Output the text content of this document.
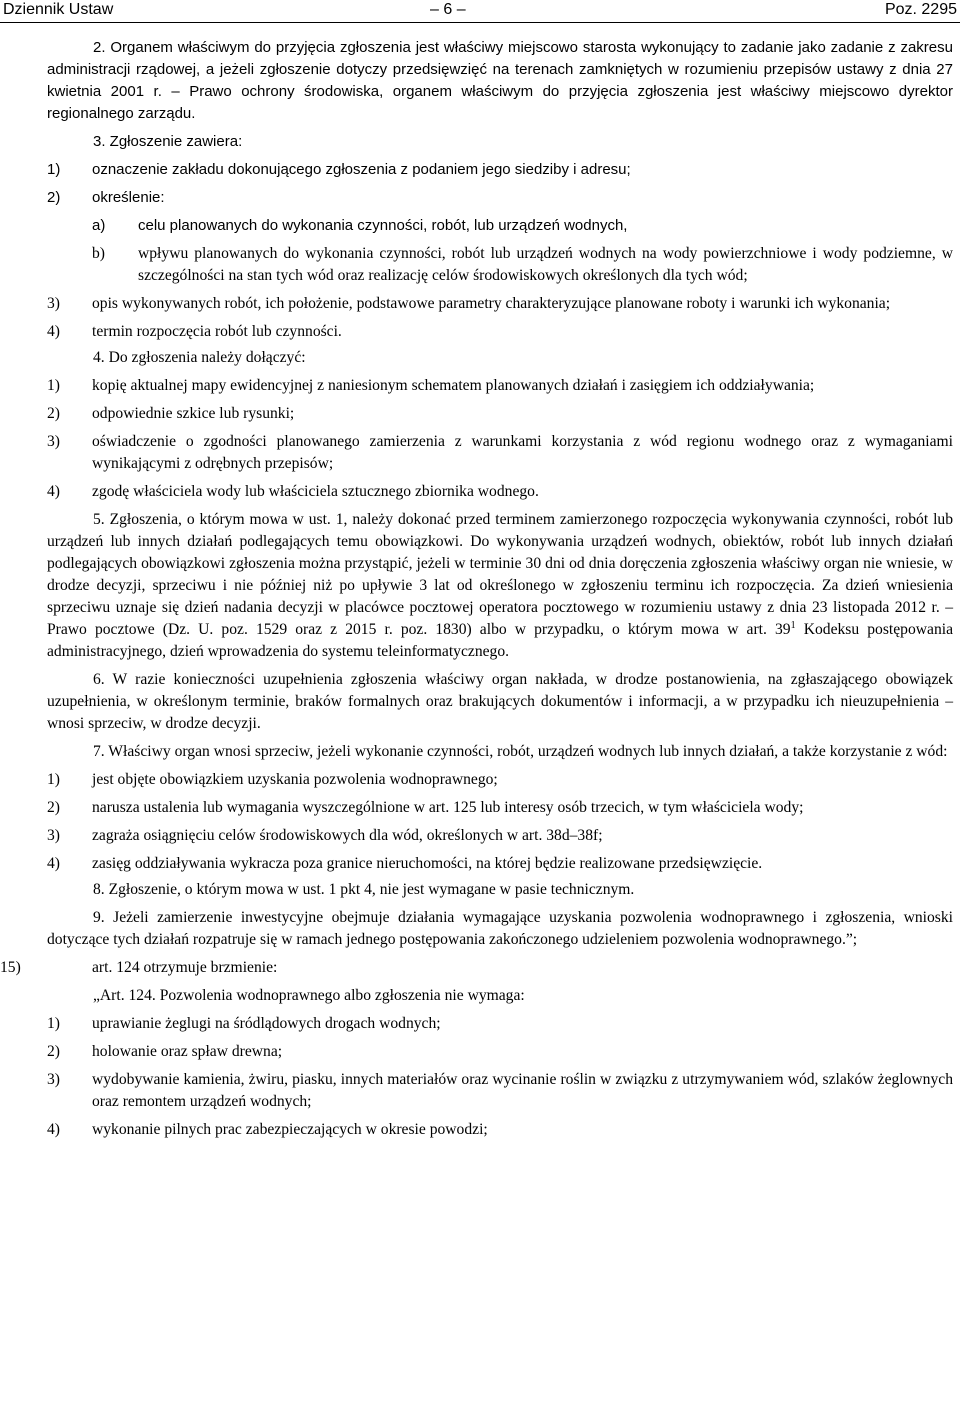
Dziennik Ustaw	– 6 –	Poz. 2295

2. Organem właściwym do przyjęcia zgłoszenia jest właściwy miejscowo starosta wykonujący to zadanie jako zadanie z zakresu administracji rządowej, a jeżeli zgłoszenie dotyczy przedsięwzięć na terenach zamkniętych w rozumieniu przepisów ustawy z dnia 27 kwietnia 2001 r. – Prawo ochrony środowiska, organem właściwym do przyjęcia zgłoszenia jest właściwy miejscowo dyrektor regionalnego zarządu.

3. Zgłoszenie zawiera:

1) oznaczenie zakładu dokonującego zgłoszenia z podaniem jego siedziby i adresu;
2) określenie:
a) celu planowanych do wykonania czynności, robót, lub urządzeń wodnych,
b) wpływu planowanych do wykonania czynności, robót lub urządzeń wodnych na wody powierzchniowe i wody podziemne, w szczególności na stan tych wód oraz realizację celów środowiskowych określonych dla tych wód;
3) opis wykonywanych robót, ich położenie, podstawowe parametry charakteryzujące planowane roboty i warunki ich wykonania;
4) termin rozpoczęcia robót lub czynności.

4. Do zgłoszenia należy dołączyć:

1) kopię aktualnej mapy ewidencyjnej z naniesionym schematem planowanych działań i zasięgiem ich oddziaływania;
2) odpowiednie szkice lub rysunki;
3) oświadczenie o zgodności planowanego zamierzenia z warunkami korzystania z wód regionu wodnego oraz z wymaganiami wynikającymi z odrębnych przepisów;
4) zgodę właściciela wody lub właściciela sztucznego zbiornika wodnego.

5. Zgłoszenia, o którym mowa w ust. 1, należy dokonać przed terminem zamierzonego rozpoczęcia wykonywania czynności, robót lub urządzeń lub innych działań podlegających temu obowiązkowi. Do wykonywania urządzeń wodnych, obiektów, robót lub innych działań podlegających obowiązkowi zgłoszenia można przystąpić, jeżeli w terminie 30 dni od dnia doręczenia zgłoszenia właściwy organ nie wniesie, w drodze decyzji, sprzeciwu i nie później niż po upływie 3 lat od określonego w zgłoszeniu terminu ich rozpoczęcia. Za dzień wniesienia sprzeciwu uznaje się dzień nadania decyzji w placówce pocztowej operatora pocztowego w rozumieniu ustawy z dnia 23 listopada 2012 r. – Prawo pocztowe (Dz. U. poz. 1529 oraz z 2015 r. poz. 1830) albo w przypadku, o którym mowa w art. $39^1$ Kodeksu postępowania administracyjnego, dzień wprowadzenia do systemu teleinformatycznego.

6. W razie konieczności uzupełnienia zgłoszenia właściwy organ nakłada, w drodze postanowienia, na zgłaszającego obowiązek uzupełnienia, w określonym terminie, braków formalnych oraz brakujących dokumentów i informacji, a w przypadku ich nieuzupełnienia – wnosi sprzeciw, w drodze decyzji.

7. Właściwy organ wnosi sprzeciw, jeżeli wykonanie czynności, robót, urządzeń wodnych lub innych działań, a także korzystanie z wód:

1) jest objęte obowiązkiem uzyskania pozwolenia wodnoprawnego;
2) narusza ustalenia lub wymagania wyszczególnione w art. 125 lub interesy osób trzecich, w tym właściciela wody;
3) zagraża osiągnięciu celów środowiskowych dla wód, określonych w art. 38d–38f;
4) zasięg oddziaływania wykracza poza granice nieruchomości, na której będzie realizowane przedsięwzięcie.

8. Zgłoszenie, o którym mowa w ust. 1 pkt 4, nie jest wymagane w pasie technicznym.

9. Jeżeli zamierzenie inwestycyjne obejmuje działania wymagające uzyskania pozwolenia wodnoprawnego i zgłoszenia, wnioski dotyczące tych działań rozpatruje się w ramach jednego postępowania zakończonego udzieleniem pozwolenia wodnoprawnego.”;

15)	art. 124 otrzymuje brzmienie:

„Art. 124. Pozwolenia wodnoprawnego albo zgłoszenia nie wymaga:

1) uprawianie żeglugi na śródlądowych drogach wodnych;
2) holowanie oraz spław drewna;
3) wydobywanie kamienia, żwiru, piasku, innych materiałów oraz wycinanie roślin w związku z utrzymywaniem wód, szlaków żeglownych oraz remontem urządzeń wodnych;
4) wykonanie pilnych prac zabezpieczających w okresie powodzi;
